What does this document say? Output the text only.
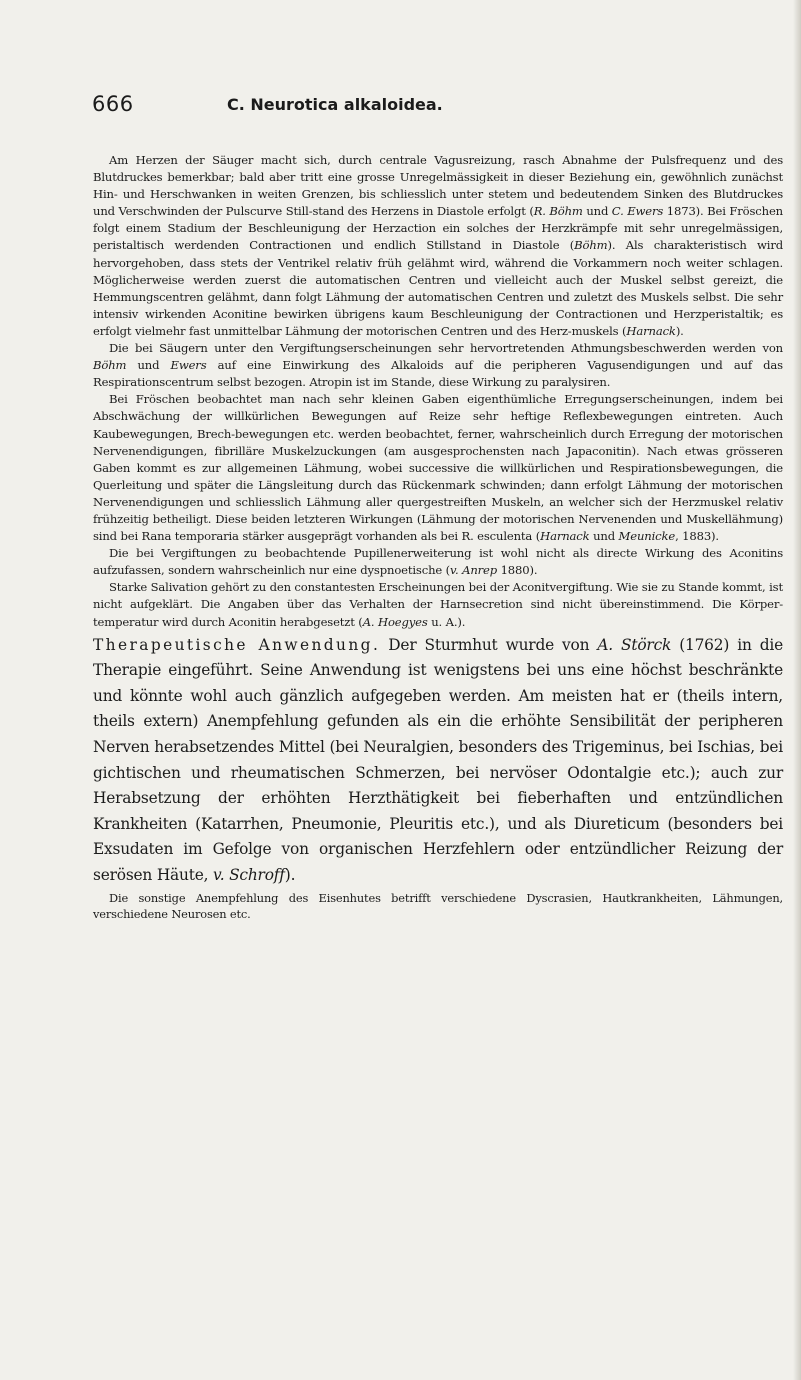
666	C. Neurotica alkaloidea.

Am Herzen der Säuger macht sich, durch centrale Vagusreizung, rasch Abnahme der Pulsfrequenz und des Blutdruckes bemerkbar; bald aber tritt eine grosse Unregelmässigkeit in dieser Beziehung ein, gewöhnlich zunächst Hin- und Herschwanken in weiten Grenzen, bis schliesslich unter stetem und bedeutendem Sinken des Blutdruckes und Verschwinden der Pulscurve Still-stand des Herzens in Diastole erfolgt (R. Böhm und C. Ewers 1873). Bei Fröschen folgt einem Stadium der Beschleunigung der Herzaction ein solches der Herzkrämpfe mit sehr unregelmässigen, peristaltisch werdenden Contractionen und endlich Stillstand in Diastole (Böhm). Als charakteristisch wird hervorgehoben, dass stets der Ventrikel relativ früh gelähmt wird, während die Vorkammern noch weiter schlagen. Möglicherweise werden zuerst die automatischen Centren und vielleicht auch der Muskel selbst gereizt, die Hemmungscentren gelähmt, dann folgt Lähmung der automatischen Centren und zuletzt des Muskels selbst. Die sehr intensiv wirkenden Aconitine bewirken übrigens kaum Beschleunigung der Contractionen und Herzperistaltik; es erfolgt vielmehr fast unmittelbar Lähmung der motorischen Centren und des Herz-muskels (Harnack).

Die bei Säugern unter den Vergiftungserscheinungen sehr hervortretenden Athmungsbeschwerden werden von Böhm und Ewers auf eine Einwirkung des Alkaloids auf die peripheren Vagusendigungen und auf das Respirationscentrum selbst bezogen. Atropin ist im Stande, diese Wirkung zu paralysiren.

Bei Fröschen beobachtet man nach sehr kleinen Gaben eigenthümliche Erregungserscheinungen, indem bei Abschwächung der willkürlichen Bewegungen auf Reize sehr heftige Reflexbewegungen eintreten. Auch Kaubewegungen, Brech-bewegungen etc. werden beobachtet, ferner, wahrscheinlich durch Erregung der motorischen Nervenendigungen, fibrilläre Muskelzuckungen (am ausgesprochensten nach Japaconitin). Nach etwas grösseren Gaben kommt es zur allgemeinen Lähmung, wobei successive die willkürlichen und Respirationsbewegungen, die Querleitung und später die Längsleitung durch das Rückenmark schwinden; dann erfolgt Lähmung der motorischen Nervenendigungen und schliesslich Lähmung aller quergestreiften Muskeln, an welcher sich der Herzmuskel relativ frühzeitig betheiligt. Diese beiden letzteren Wirkungen (Lähmung der motorischen Nervenenden und Muskellähmung) sind bei Rana temporaria stärker ausgeprägt vorhanden als bei R. esculenta (Harnack und Meunicke, 1883).

Die bei Vergiftungen zu beobachtende Pupillenerweiterung ist wohl nicht als directe Wirkung des Aconitins aufzufassen, sondern wahrscheinlich nur eine dyspnoetische (v. Anrep 1880).

Starke Salivation gehört zu den constantesten Erscheinungen bei der Aconitvergiftung. Wie sie zu Stande kommt, ist nicht aufgeklärt. Die Angaben über das Verhalten der Harnsecretion sind nicht übereinstimmend. Die Körper-temperatur wird durch Aconitin herabgesetzt (A. Hoegyes u. A.).

Therapeutische Anwendung. Der Sturmhut wurde von A. Störck (1762) in die Therapie eingeführt. Seine Anwendung ist wenigstens bei uns eine höchst beschränkte und könnte wohl auch gänzlich aufgegeben werden. Am meisten hat er (theils intern, theils extern) Anempfehlung gefunden als ein die erhöhte Sensibilität der peripheren Nerven herabsetzendes Mittel (bei Neuralgien, besonders des Trigeminus, bei Ischias, bei gichtischen und rheumatischen Schmerzen, bei nervöser Odontalgie etc.); auch zur Herabsetzung der erhöhten Herzthätigkeit bei fieberhaften und entzündlichen Krankheiten (Katarrhen, Pneumonie, Pleuritis etc.), und als Diureticum (besonders bei Exsudaten im Gefolge von organischen Herzfehlern oder entzündlicher Reizung der serösen Häute, v. Schroff).

Die sonstige Anempfehlung des Eisenhutes betrifft verschiedene Dyscrasien, Hautkrankheiten, Lähmungen, verschiedene Neurosen etc.
